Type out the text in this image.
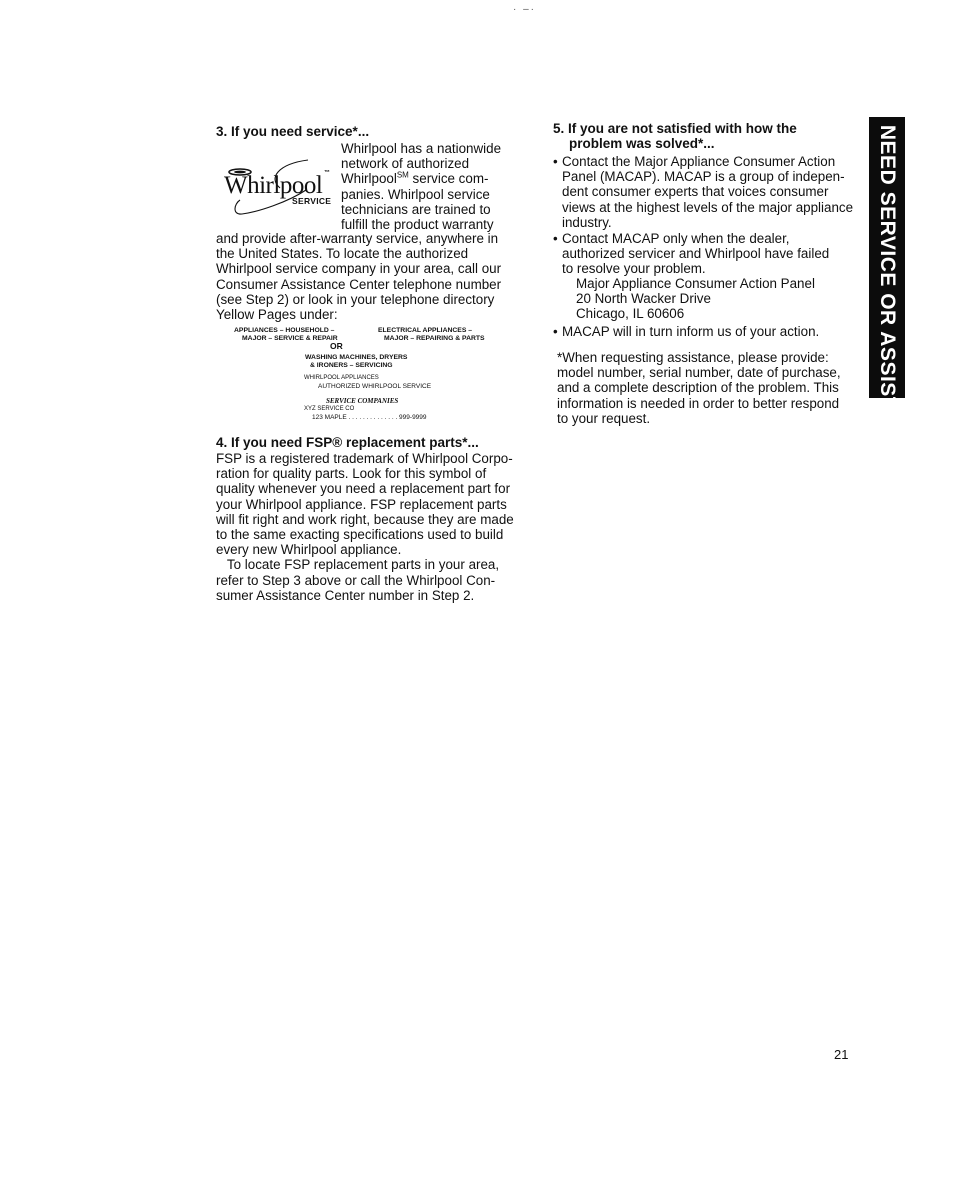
· –·
3. If you need service*...
Whirlpool ™
SERVICE
Whirlpool has a nationwide
network of authorized
Whirlpool℠ service com-
panies. Whirlpool service
technicians are trained to
fulfill the product warranty
and provide after-warranty service, anywhere in
the United States. To locate the authorized
Whirlpool service company in your area, call our
Consumer Assistance Center telephone number
(see Step 2) or look in your telephone directory
Yellow Pages under:
APPLIANCES – HOUSEHOLD –
MAJOR – SERVICE & REPAIR
ELECTRICAL APPLIANCES –
MAJOR – REPAIRING & PARTS
OR
WASHING MACHINES, DRYERS
& IRONERS – SERVICING
WHIRLPOOL APPLIANCES
AUTHORIZED WHIRLPOOL SERVICE
SERVICE COMPANIES
XYZ SERVICE CO
123 MAPLE . . . . . . . . . . . . . . 999-9999
4. If you need FSP® replacement parts*...
FSP is a registered trademark of Whirlpool Corpo-
ration for quality parts. Look for this symbol of
quality whenever you need a replacement part for
your Whirlpool appliance. FSP replacement parts
will fit right and work right, because they are made
to the same exacting specifications used to build
every new Whirlpool appliance.
To locate FSP replacement parts in your area,
refer to Step 3 above or call the Whirlpool Con-
sumer Assistance Center number in Step 2.
5. If you are not satisfied with how the
problem was solved*...
• Contact the Major Appliance Consumer Action
Panel (MACAP). MACAP is a group of indepen-
dent consumer experts that voices consumer
views at the highest levels of the major appliance
industry.
• Contact MACAP only when the dealer,
authorized servicer and Whirlpool have failed
to resolve your problem.
Major Appliance Consumer Action Panel
20 North Wacker Drive
Chicago, IL 60606
• MACAP will in turn inform us of your action.
*When requesting assistance, please provide:
model number, serial number, date of purchase,
and a complete description of the problem. This
information is needed in order to better respond
to your request.	IF YOU NEED SERVICE OR ASSISTANCE
21
